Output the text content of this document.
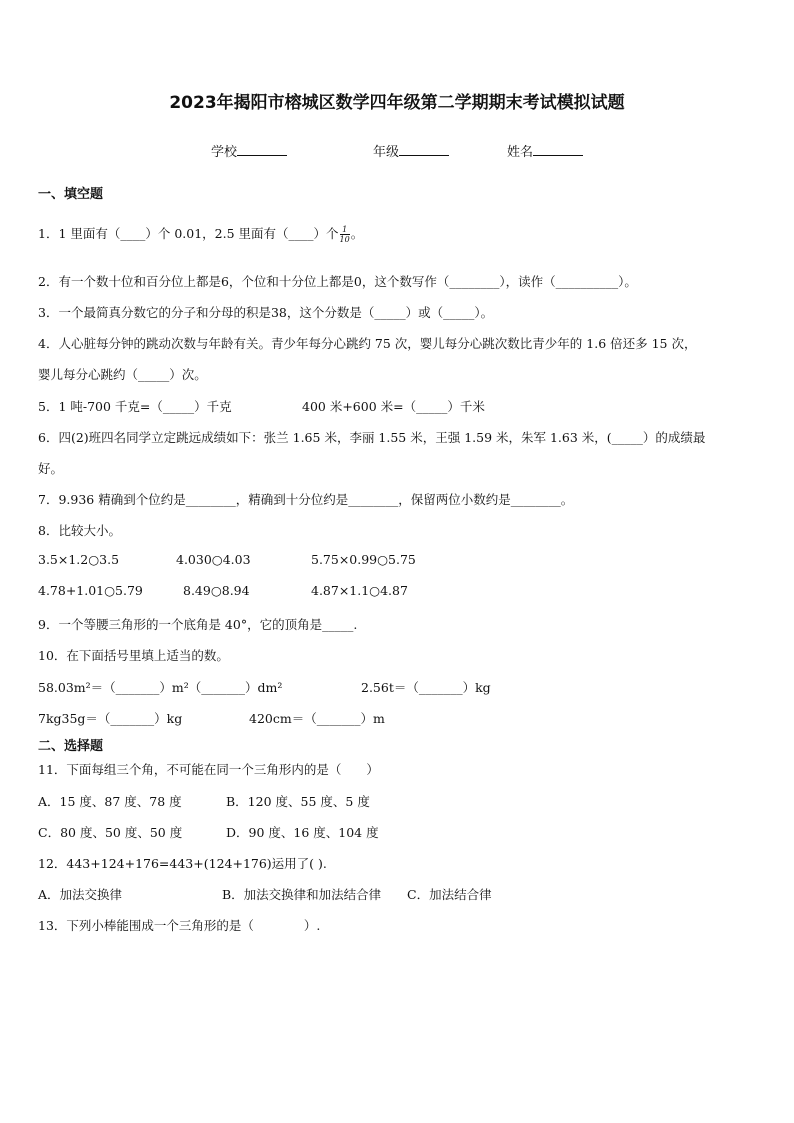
2023年揭阳市榕城区数学四年级第二学期期末考试模拟试题
学校	年级	姓名
一、填空题
1．1 里面有（____）个 0.01，2.5 里面有（____）个 $\frac{1}{10}$ 。
2．有一个数十位和百分位上都是6，个位和十分位上都是0，这个数写作（________），读作（__________）。
3．一个最简真分数它的分子和分母的积是38，这个分数是（_____）或（_____）。
4．人心脏每分钟的跳动次数与年龄有关。青少年每分心跳约 75 次，婴儿每分心跳次数比青少年的 1.6 倍还多 15 次，
婴儿每分心跳约（_____）次。
5．1 吨-700 千克=（_____）千克	400 米+600 米=（_____）千米
6．四(2)班四名同学立定跳远成绩如下：张兰 1.65 米，李丽 1.55 米，王强 1.59 米，朱军 1.63 米，(_____）的成绩最
好。
7．9.936 精确到个位约是________，精确到十分位约是________，保留两位小数约是________。
8．比较大小。
3.5×1.2○3.5	4.030○4.03	5.75×0.99○5.75
4.78+1.01○5.79	8.49○8.94	4.87×1.1○4.87
9．一个等腰三角形的一个底角是 40°，它的顶角是_____.
10．在下面括号里填上适当的数。
58.03m²＝（_______）m²（_______）dm²	2.56t＝（_______）kg
7kg35g＝（_______）kg	420cm＝（_______）m
二、选择题
11．下面每组三个角，不可能在同一个三角形内的是（　　）
A．15 度、87 度、78 度	B．120 度、55 度、5 度
C．80 度、50 度、50 度	D．90 度、16 度、104 度
12．443+124+176=443+(124+176)运用了( ).
A．加法交换律	B．加法交换律和加法结合律 C．加法结合律
13．下列小棒能围成一个三角形的是（　　　　）.
